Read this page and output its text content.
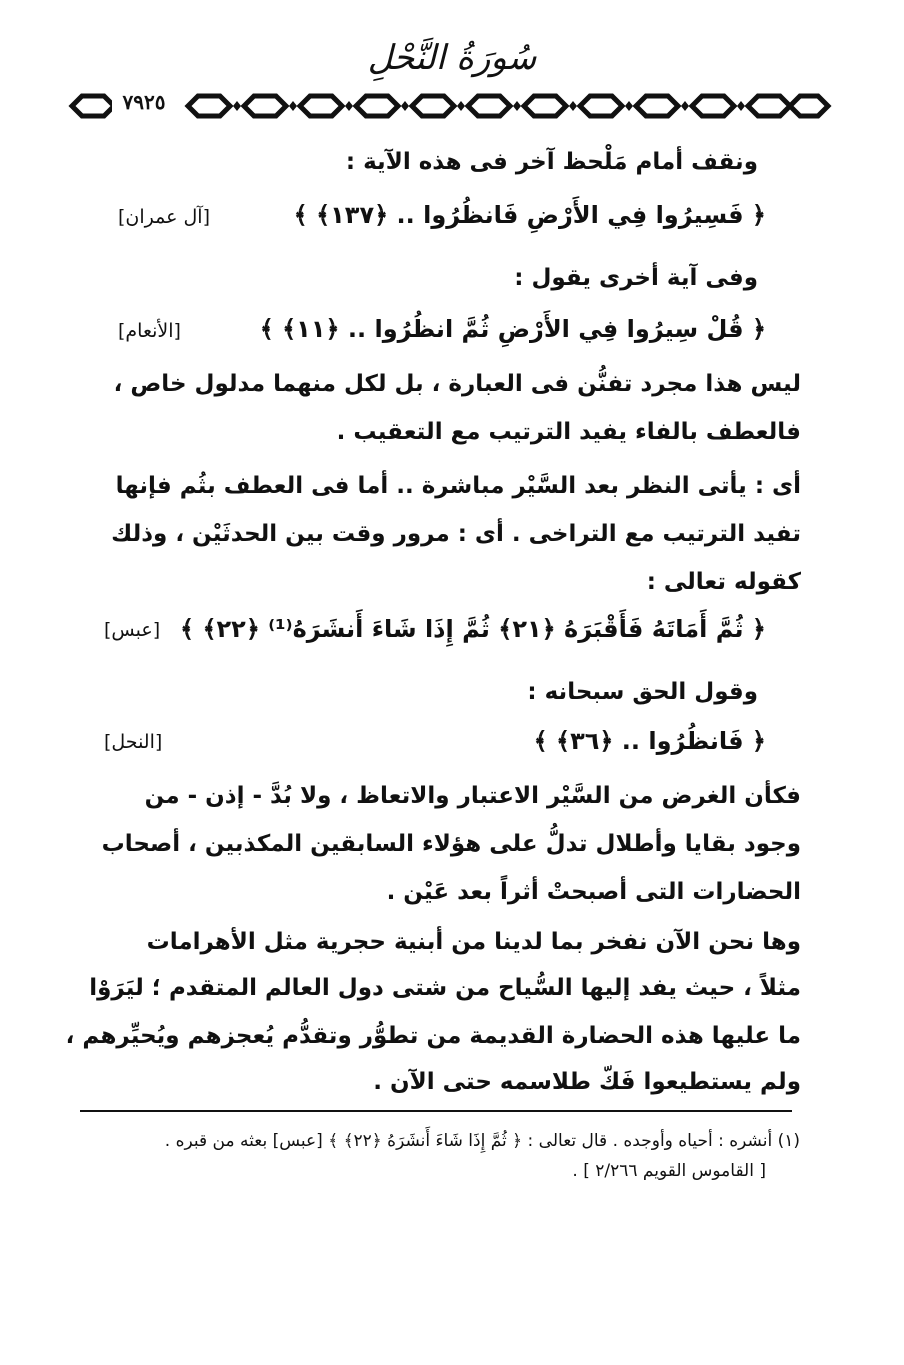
سُورَةُ النَّحْلِ
٧٩٢٥
ونقف أمام مَلْحظ آخر فى هذه الآية :
﴿ فَسِيرُوا فِي الأَرْضِ فَانظُرُوا .. ﴿١٣٧﴾ ﴾
[آل عمران]
وفى آية أخرى يقول :
﴿ قُلْ سِيرُوا فِي الأَرْضِ ثُمَّ انظُرُوا .. ﴿١١﴾ ﴾
[الأنعام]
ليس هذا مجرد تفنُّن فى العبارة ، بل لكل منهما مدلول خاص ،
فالعطف بالفاء يفيد الترتيب مع التعقيب .
أى : يأتى النظر بعد السَّيْر مباشرة .. أما فى العطف بثُم فإنها
تفيد الترتيب مع التراخى . أى : مرور وقت بين الحدثَيْن ، وذلك
كقوله تعالى :
﴿ ثُمَّ أَمَاتَهُ فَأَقْبَرَهُ ﴿٢١﴾ ثُمَّ إِذَا شَاءَ أَنشَرَهُ⁽¹⁾ ﴿٢٢﴾ ﴾
[عبس]
وقول الحق سبحانه :
﴿ فَانظُرُوا .. ﴿٣٦﴾ ﴾
[النحل]
فكأن الغرض من السَّيْر الاعتبار والاتعاظ ، ولا بُدَّ - إذن - من
وجود بقايا وأطلال تدلُّ على هؤلاء السابقين المكذبين ، أصحاب
الحضارات التى أصبحتْ أثراً بعد عَيْن .
وها نحن الآن نفخر بما لدينا من أبنية حجرية مثل الأهرامات
مثلاً ، حيث يفد إليها السُّياح من شتى دول العالم المتقدم ؛ ليَرَوْا
ما عليها هذه الحضارة القديمة من تطوُّر وتقدُّم يُعجزهم ويُحيِّرهم ،
ولم يستطيعوا فَكّ طلاسمه حتى الآن .
(١) أنشره : أحياه وأوجده . قال تعالى : ﴿ ثُمَّ إِذَا شَاءَ أَنشَرَهُ ﴿٢٢﴾ ﴾ [عبس] بعثه من قبره .
[ القاموس القويم ٢/٢٦٦ ] .
